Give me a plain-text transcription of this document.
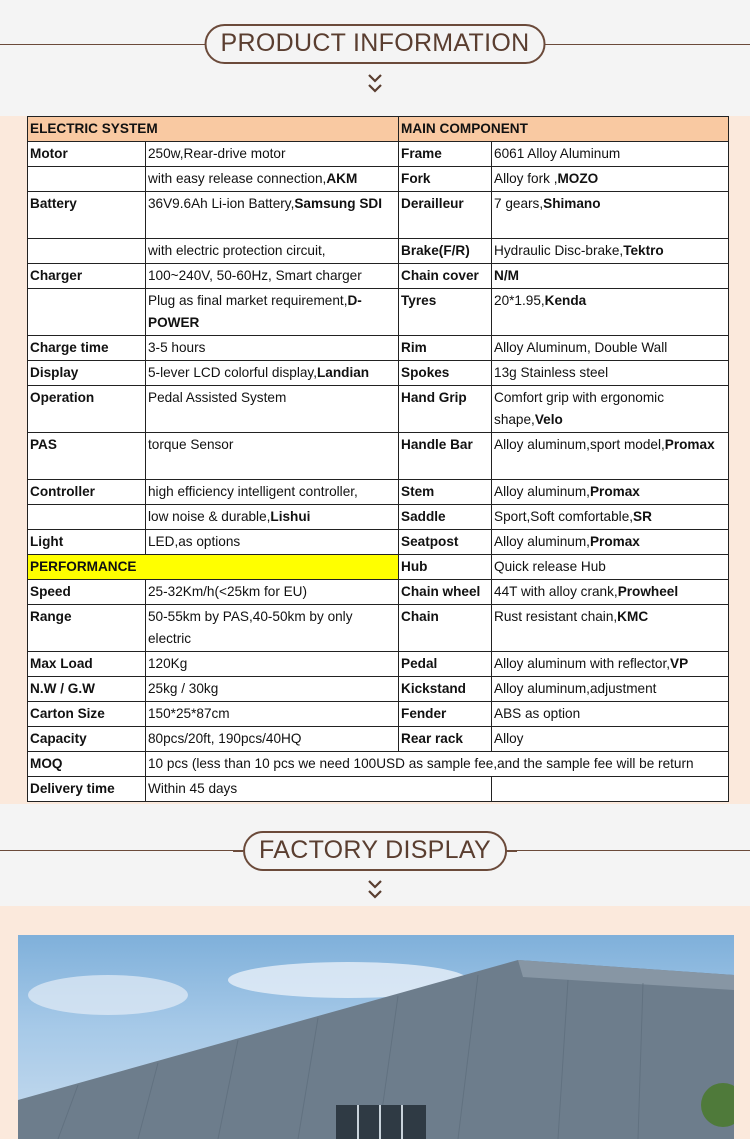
PRODUCT INFORMATION
ELECTRIC SYSTEM		MAIN COMPONENT	
Motor	250w,Rear-drive motor	Frame	6061 Alloy Aluminum
	with easy release connection,AKM	Fork	Alloy fork ,MOZO
Battery	36V9.6Ah Li-ion Battery,Samsung SDI	Derailleur	7 gears,Shimano
	with electric protection circuit,	Brake(F/R)	Hydraulic Disc-brake,Tektro
Charger	100~240V, 50-60Hz, Smart charger	Chain cover	N/M
	Plug as final market requirement,D-POWER	Tyres	20*1.95,Kenda
Charge time	3-5 hours	Rim	Alloy Aluminum, Double Wall
Display	5-lever LCD colorful display,Landian	Spokes	13g Stainless steel
Operation	Pedal Assisted System	Hand Grip	Comfort grip with ergonomic shape,Velo
PAS	torque Sensor	Handle Bar	Alloy aluminum,sport model,Promax
Controller	high efficiency intelligent controller,	Stem	Alloy aluminum,Promax
	low noise & durable,Lishui	Saddle	Sport,Soft comfortable,SR
Light	LED,as options	Seatpost	Alloy aluminum,Promax
PERFORMANCE		Hub	Quick release Hub
Speed	25-32Km/h(<25km for EU)	Chain wheel	44T with alloy crank,Prowheel
Range	50-55km by PAS,40-50km by only electric	Chain	Rust resistant chain,KMC
Max Load	120Kg	Pedal	Alloy aluminum with reflector,VP
N.W / G.W	25kg / 30kg	Kickstand	Alloy aluminum,adjustment
Carton Size	150*25*87cm	Fender	ABS as option
Capacity	80pcs/20ft, 190pcs/40HQ	Rear rack	Alloy
MOQ	10 pcs (less than 10 pcs we need 100USD as sample fee,and the sample fee will be return		
Delivery time	Within 45 days		
FACTORY DISPLAY
